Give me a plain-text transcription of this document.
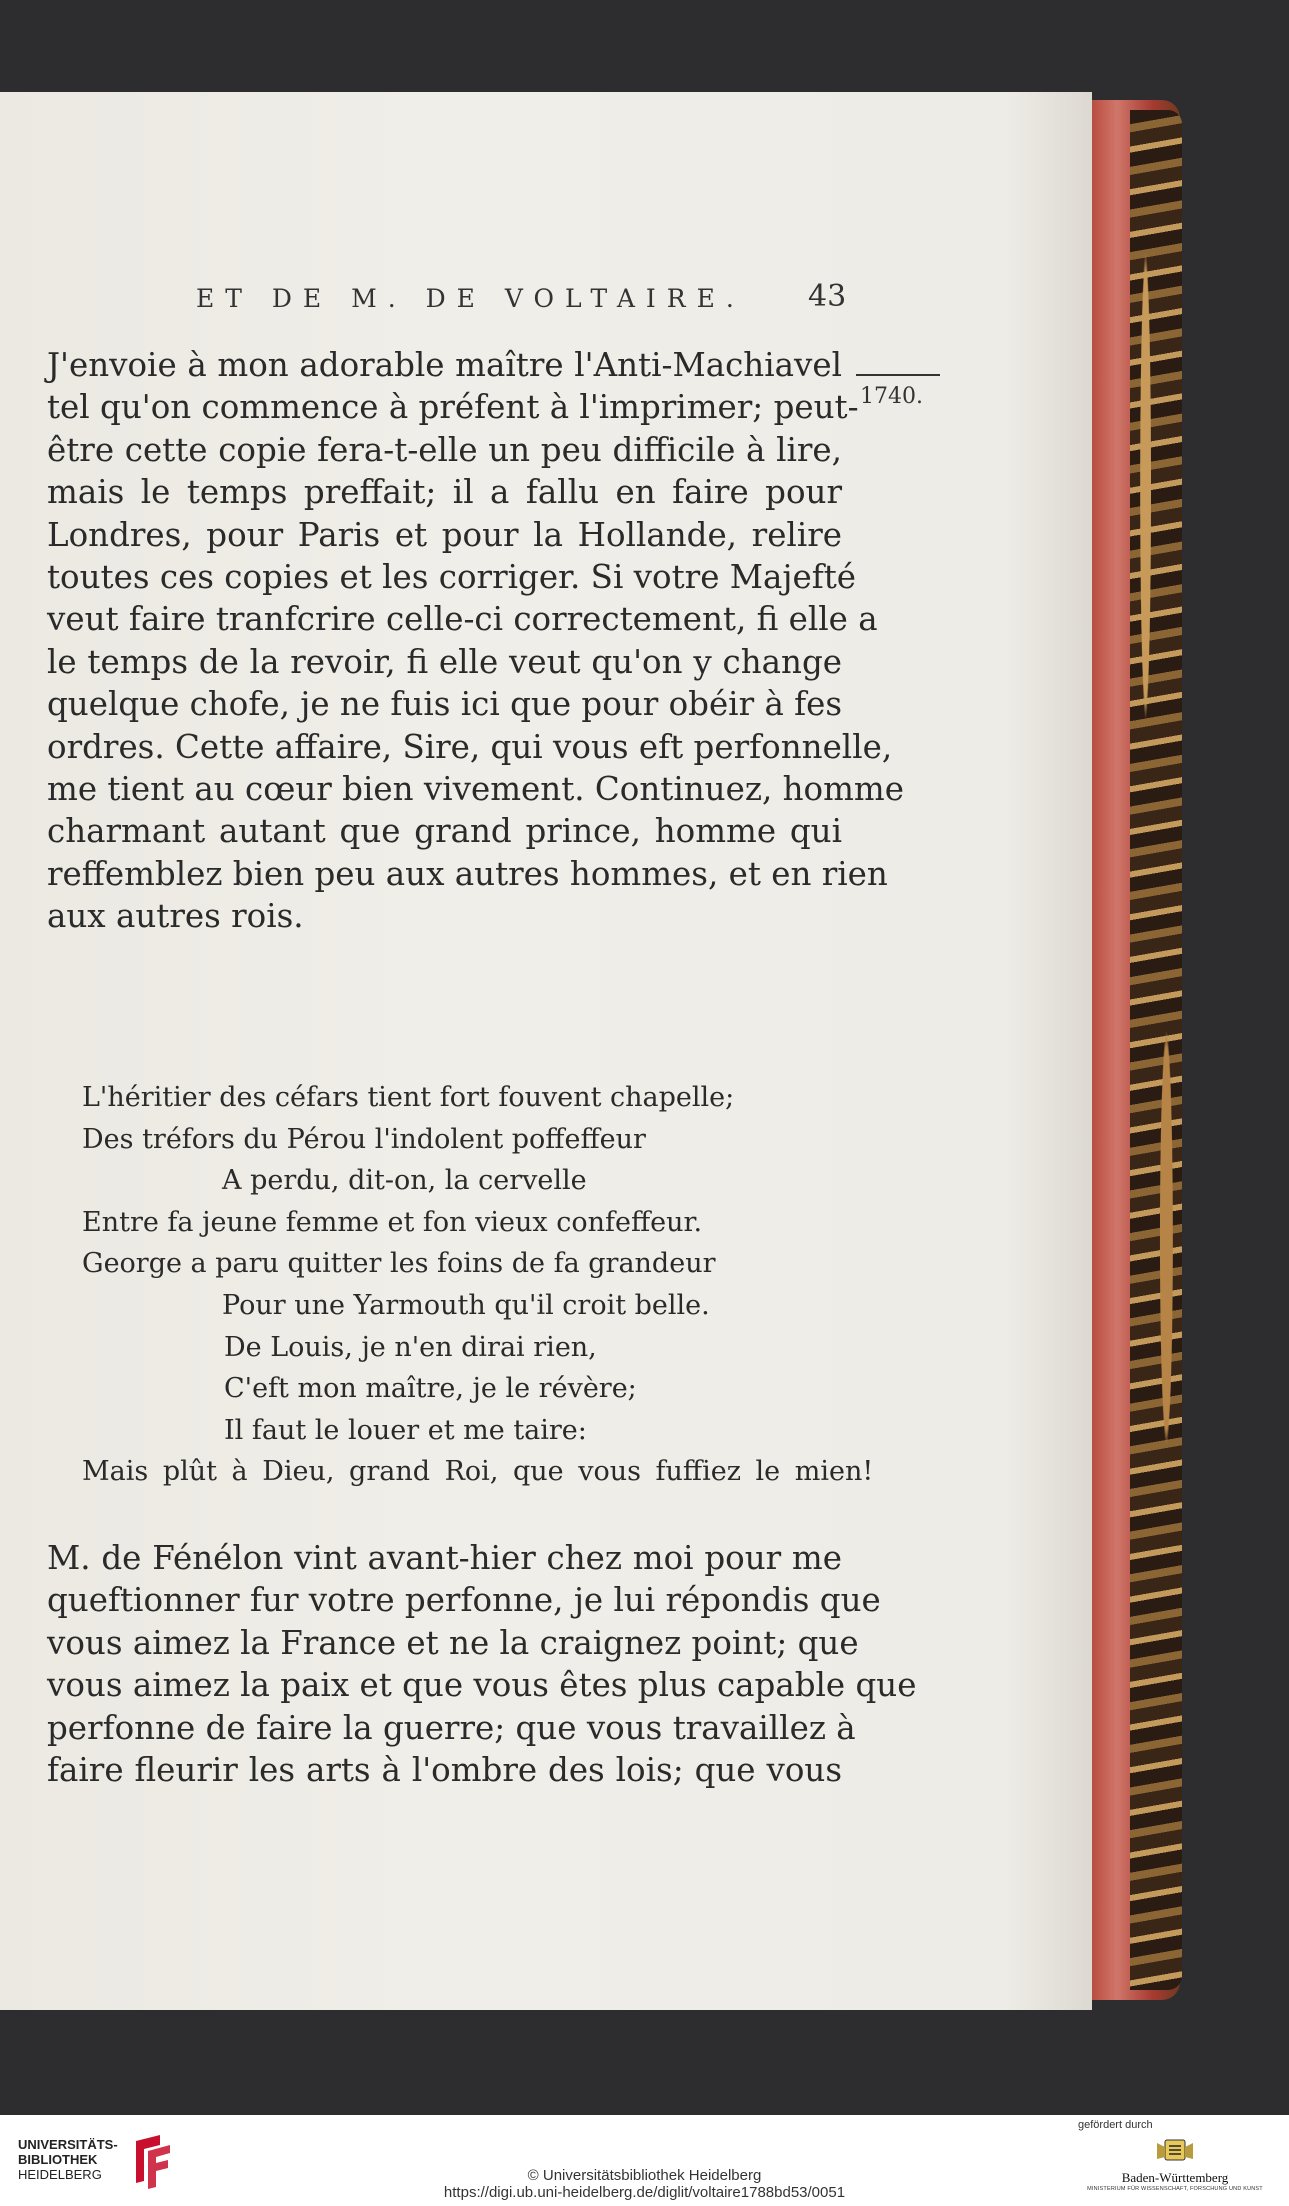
ET DE M. DE VOLTAIRE. 43
1740.
J'envoie à mon adorable maître l'Anti-Machiavel
tel qu'on commence à préfent à l'imprimer; peut-
être cette copie fera-t-elle un peu difficile à lire,
mais le temps preffait; il a fallu en faire pour
Londres, pour Paris et pour la Hollande, relire
toutes ces copies et les corriger. Si votre Majefté
veut faire tranfcrire celle-ci correctement, fi elle a
le temps de la revoir, fi elle veut qu'on y change
quelque chofe, je ne fuis ici que pour obéir à fes
ordres. Cette affaire, Sire, qui vous eft perfonnelle,
me tient au cœur bien vivement. Continuez, homme
charmant autant que grand prince, homme qui
reffemblez bien peu aux autres hommes, et en rien
aux autres rois.
L'héritier des céfars tient fort fouvent chapelle;
Des tréfors du Pérou l'indolent poffeffeur
A perdu, dit-on, la cervelle
Entre fa jeune femme et fon vieux confeffeur.
George a paru quitter les foins de fa grandeur
Pour une Yarmouth qu'il croit belle.
De Louis, je n'en dirai rien,
C'eft mon maître, je le révère;
Il faut le louer et me taire:
Mais plût à Dieu, grand Roi, que vous fuffiez le mien!
M. de Fénélon vint avant-hier chez moi pour me
queftionner fur votre perfonne, je lui répondis que
vous aimez la France et ne la craignez point; que
vous aimez la paix et que vous êtes plus capable que
perfonne de faire la guerre; que vous travaillez à
faire fleurir les arts à l'ombre des lois; que vous
UNIVERSITÄTS-
BIBLIOTHEK
HEIDELBERG	© Universitätsbibliothek Heidelberg
https://digi.ub.uni-heidelberg.de/diglit/voltaire1788bd53/0051
gefördert durch
Baden-Württemberg
MINISTERIUM FÜR WISSENSCHAFT, FORSCHUNG UND KUNST
